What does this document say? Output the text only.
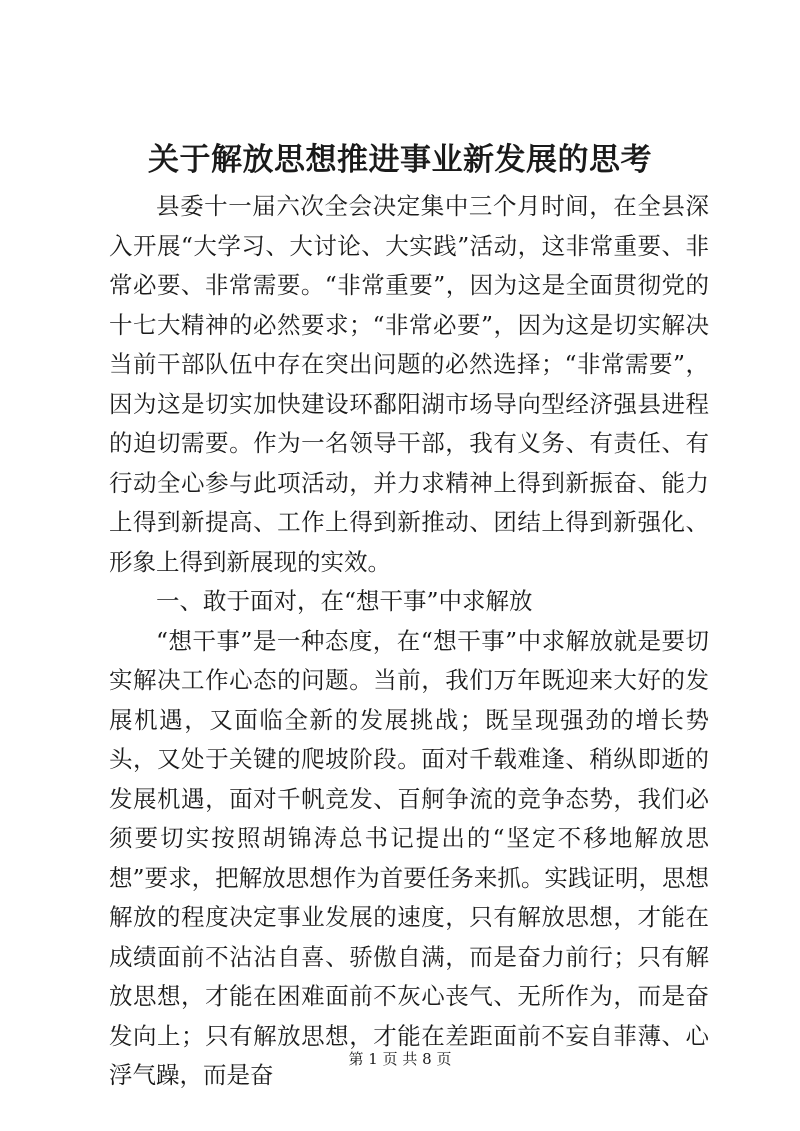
关于解放思想推进事业新发展的思考

县委十一届六次全会决定集中三个月时间，在全县深入开展“大学习、大讨论、大实践”活动，这非常重要、非常必要、非常需要。“非常重要”，因为这是全面贯彻党的十七大精神的必然要求；“非常必要”，因为这是切实解决当前干部队伍中存在突出问题的必然选择；“非常需要”，因为这是切实加快建设环鄱阳湖市场导向型经济强县进程的迫切需要。作为一名领导干部，我有义务、有责任、有行动全心参与此项活动，并力求精神上得到新振奋、能力上得到新提高、工作上得到新推动、团结上得到新强化、形象上得到新展现的实效。

一、敢于面对，在“想干事”中求解放

“想干事”是一种态度，在“想干事”中求解放就是要切实解决工作心态的问题。当前，我们万年既迎来大好的发展机遇，又面临全新的发展挑战；既呈现强劲的增长势头，又处于关键的爬坡阶段。面对千载难逢、稍纵即逝的发展机遇，面对千帆竞发、百舸争流的竞争态势，我们必须要切实按照胡锦涛总书记提出的“坚定不移地解放思想”要求，把解放思想作为首要任务来抓。实践证明，思想解放的程度决定事业发展的速度，只有解放思想，才能在成绩面前不沾沾自喜、骄傲自满，而是奋力前行；只有解放思想，才能在困难面前不灰心丧气、无所作为，而是奋发向上；只有解放思想，才能在差距面前不妄自菲薄、心浮气躁，而是奋

第 1 页 共 8 页
